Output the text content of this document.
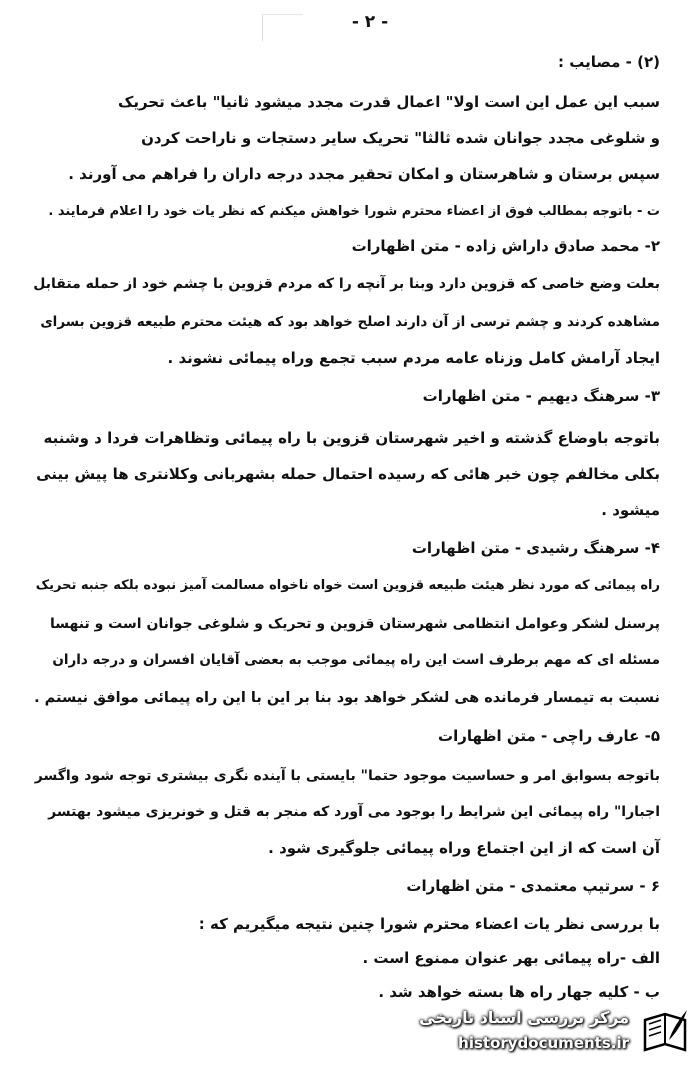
- ۲ -
(۲) - مصایب :
سبب این عمل این است اولا" اعمال قدرت مجدد میشود ثانیا" باعث تحریک
و شلوغی مجدد جوانان شده ثالثا" تحریک سایر دستجات و ناراحت کردن
سپس برستان و شاهرستان و امکان تحقیر مجدد درجه داران را فراهم می آورند .
ت - باتوجه بمطالب فوق از اعضاء محترم شورا خواهش میکنم که نظر یات خود را اعلام فرمایند .
۲- محمد صادق داراش زاده - متن اظهارات
بعلت وضع خاصی که قزوین دارد وبنا بر آنچه را که مردم قزوین با چشم خود از حمله متقابل
مشاهده کردند و چشم ترسی از آن دارند اصلح خواهد بود که هیئت محترم طبیعه قزوین بسرای
ایجاد آرامش کامل وزناه عامه مردم سبب تجمع وراه پیمائی نشوند .
۳- سرهنگ دیهیم - متن اظهارات
باتوجه باوضاع گذشته و اخیر شهرستان قزوین با راه پیمائی وتظاهرات فردا د وشنبه
بکلی مخالفم چون خبر هائی که رسیده احتمال حمله بشهربانی وکلانتری ها پیش بینی
میشود .
۴- سرهنگ رشیدی - متن اظهارات
راه پیمائی که مورد نظر هیئت طبیعه قزوین است خواه ناخواه مسالمت آمیز نبوده بلکه جنبه تحریک
پرسنل لشکر وعوامل انتظامی شهرستان قزوین و تحریک و شلوغی جوانان است و تنهسا
مسئله ای که مهم برطرف است این راه پیمائی موجب به بعضی آقایان افسران و درجه داران
نسبت به تیمسار فرمانده هی لشکر خواهد بود بنا بر این با این راه پیمائی موافق نیستم .
۵- عارف راچی - متن اظهارات
باتوجه بسوابق امر و حساسیت موجود حتما" بایستی با آینده نگری بیشتری توجه شود واگسر
اجبارا" راه پیمائی این شرایط را بوجود می آورد که منجر به قتل و خونریزی میشود بهتسر
آن است که از این اجتماع وراه پیمائی جلوگیری شود .
۶ - سرتیپ معتمدی - متن اظهارات
با بررسی نظر یات اعضاء محترم شورا چنین نتیجه میگیریم که :
الف -راه پیمائی بهر عنوان ممنوع است .
ب - کلیه جهار راه ها بسته خواهد شد .
مرکز بررسی اسناد تاریخی
historydocuments.ir
